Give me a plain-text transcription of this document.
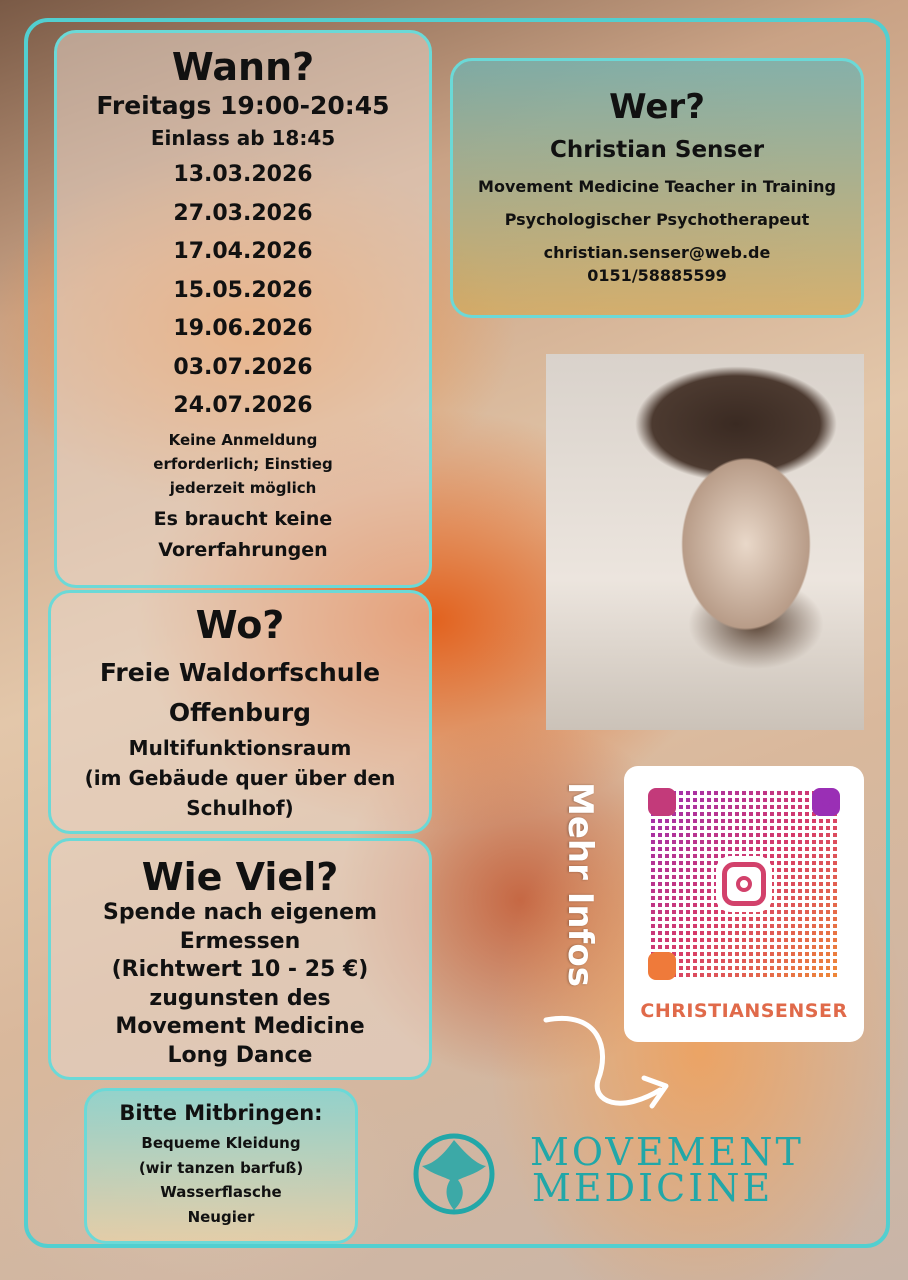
Wann?

Freitags 19:00-20:45

Einlass ab 18:45

13.03.2026

27.03.2026

17.04.2026

15.05.2026

19.06.2026

03.07.2026

24.07.2026

Keine Anmeldung

erforderlich; Einstieg

jederzeit möglich

Es braucht keine

Vorerfahrungen

Wo?

Freie Waldorfschule

Offenburg

Multifunktionsraum

(im Gebäude quer über den

Schulhof)

Wie Viel?

Spende nach eigenem

Ermessen

(Richtwert 10 - 25 €)

zugunsten des

Movement Medicine

Long Dance

Bitte Mitbringen:

Bequeme Kleidung

(wir tanzen barfuß)

Wasserflasche

Neugier

Wer?

Christian Senser

Movement Medicine Teacher in Training

Psychologischer Psychotherapeut

christian.senser@web.de

0151/58885599

Mehr Infos
CHRISTIANSENSER
MOVEMENT
MEDICINE
